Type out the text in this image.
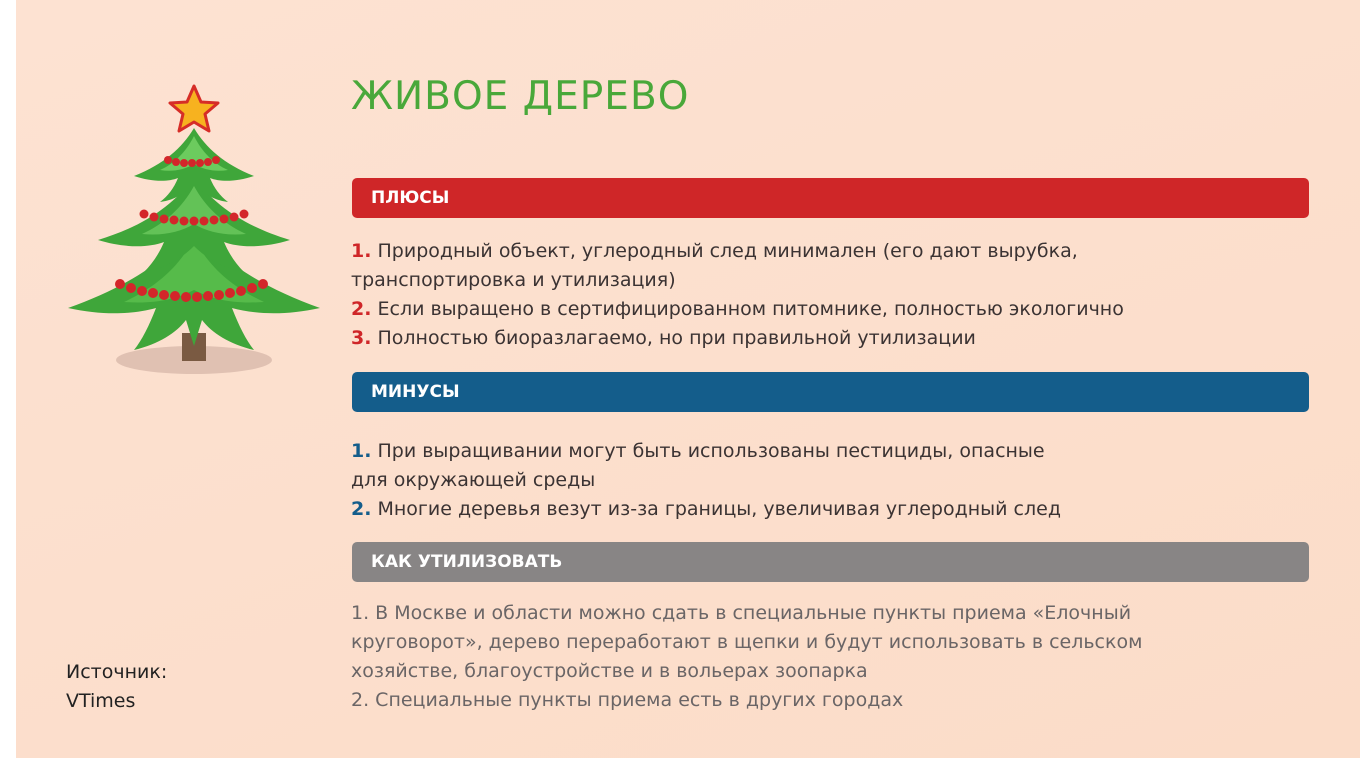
ЖИВОЕ ДЕРЕВО
ПЛЮСЫ

1. Природный объект, углеродный след минимален (его дают вырубка,
транспортировка и утилизация)

2. Если выращено в сертифицированном питомнике, полностью экологично

3. Полностью биоразлагаемо, но при правильной утилизации

МИНУСЫ

1. При выращивании могут быть использованы пестициды, опасные
для окружающей среды

2. Многие деревья везут из-за границы, увеличивая углеродный след

КАК УТИЛИЗОВАТЬ

1. В Москве и области можно сдать в специальные пункты приема «Елочный
круговорот», дерево переработают в щепки и будут использовать в сельском
хозяйстве, благоустройстве и в вольерах зоопарка

2. Специальные пункты приема есть в других городах

Источник:
VTimes
